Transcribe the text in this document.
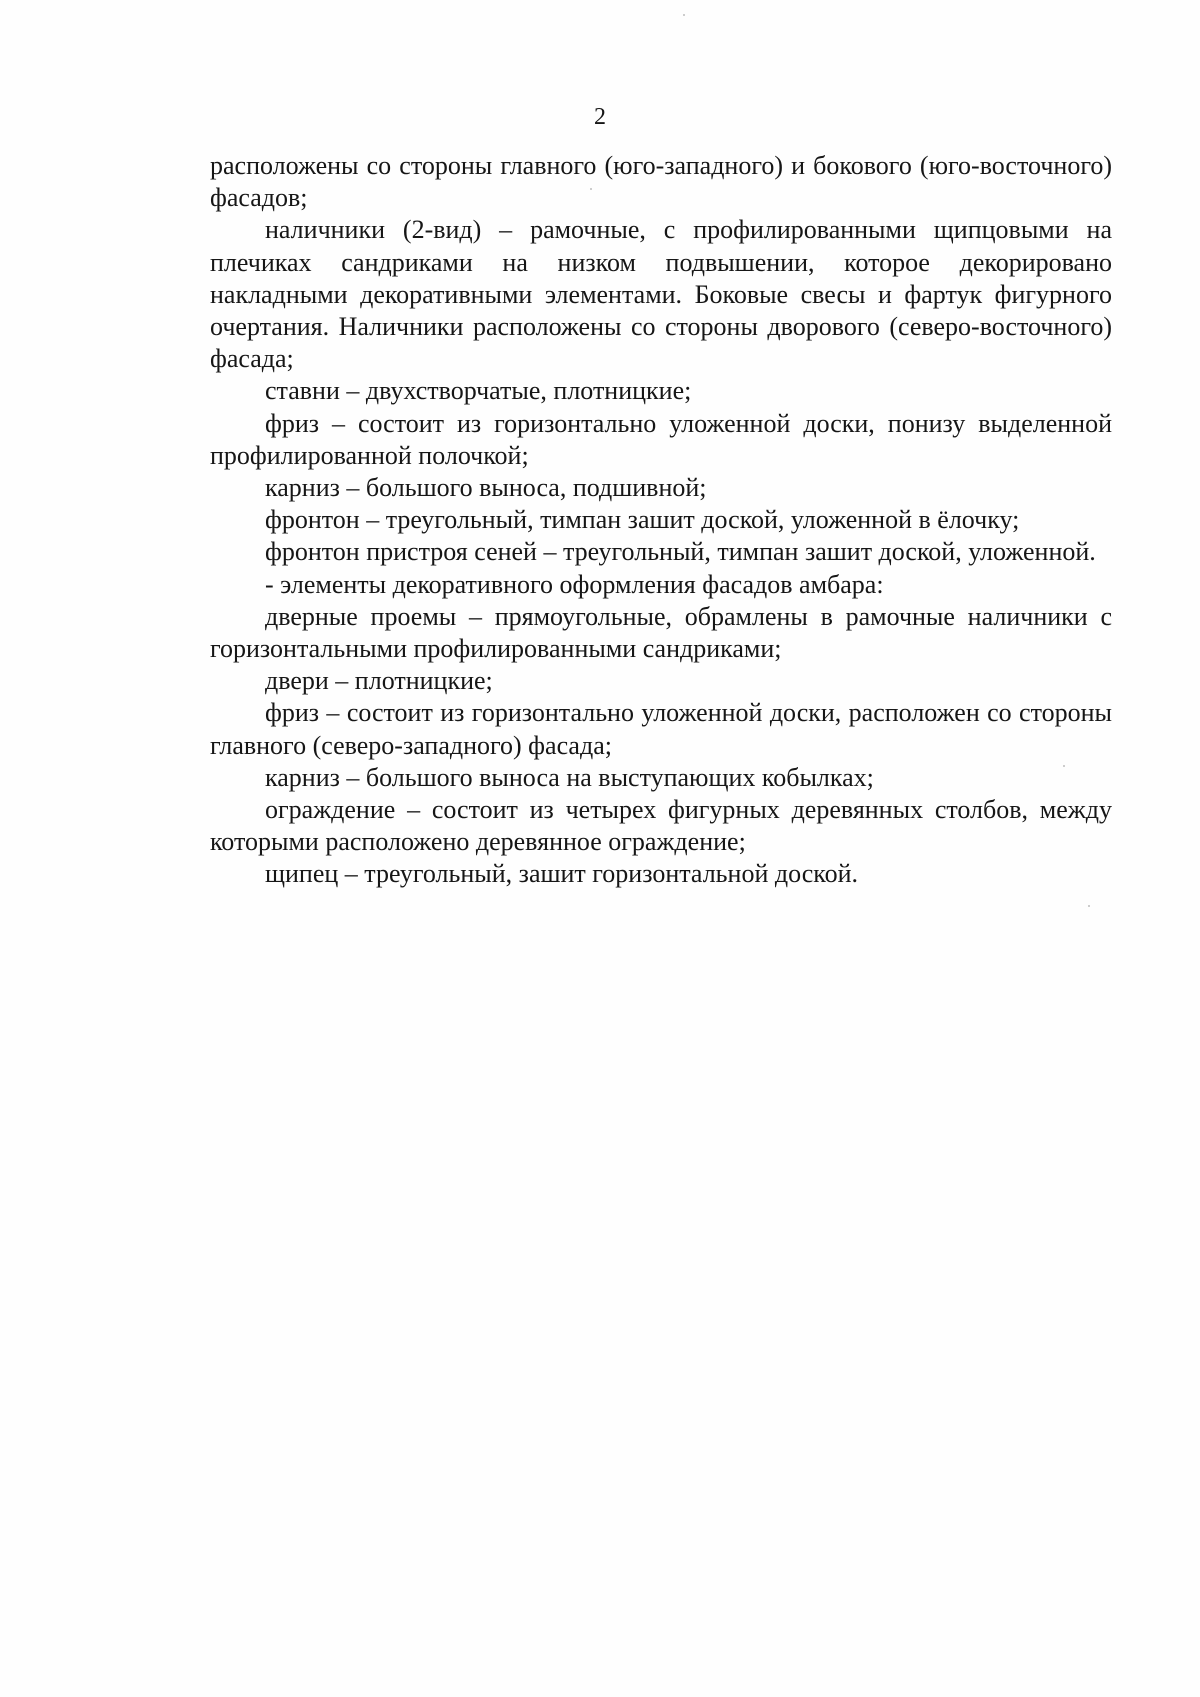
2

расположены со стороны главного (юго-западного) и бокового (юго-восточного) фасадов;

наличники (2-вид) – рамочные, с профилированными щипцовыми на плечиках сандриками на низком подвышении, которое декорировано накладными декоративными элементами. Боковые свесы и фартук фигурного очертания. Наличники расположены со стороны дворового (северо-восточного) фасада;

ставни – двухстворчатые, плотницкие;

фриз – состоит из горизонтально уложенной доски, понизу выделенной профилированной полочкой;

карниз – большого выноса, подшивной;

фронтон – треугольный, тимпан зашит доской, уложенной в ёлочку;

фронтон пристроя сеней – треугольный, тимпан зашит доской, уложенной.

- элементы декоративного оформления фасадов амбара:

дверные проемы – прямоугольные, обрамлены в рамочные наличники с горизонтальными профилированными сандриками;

двери – плотницкие;

фриз – состоит из горизонтально уложенной доски, расположен со стороны главного (северо-западного) фасада;

карниз – большого выноса на выступающих кобылках;

ограждение – состоит из четырех фигурных деревянных столбов, между которыми расположено деревянное ограждение;

щипец – треугольный, зашит горизонтальной доской.
